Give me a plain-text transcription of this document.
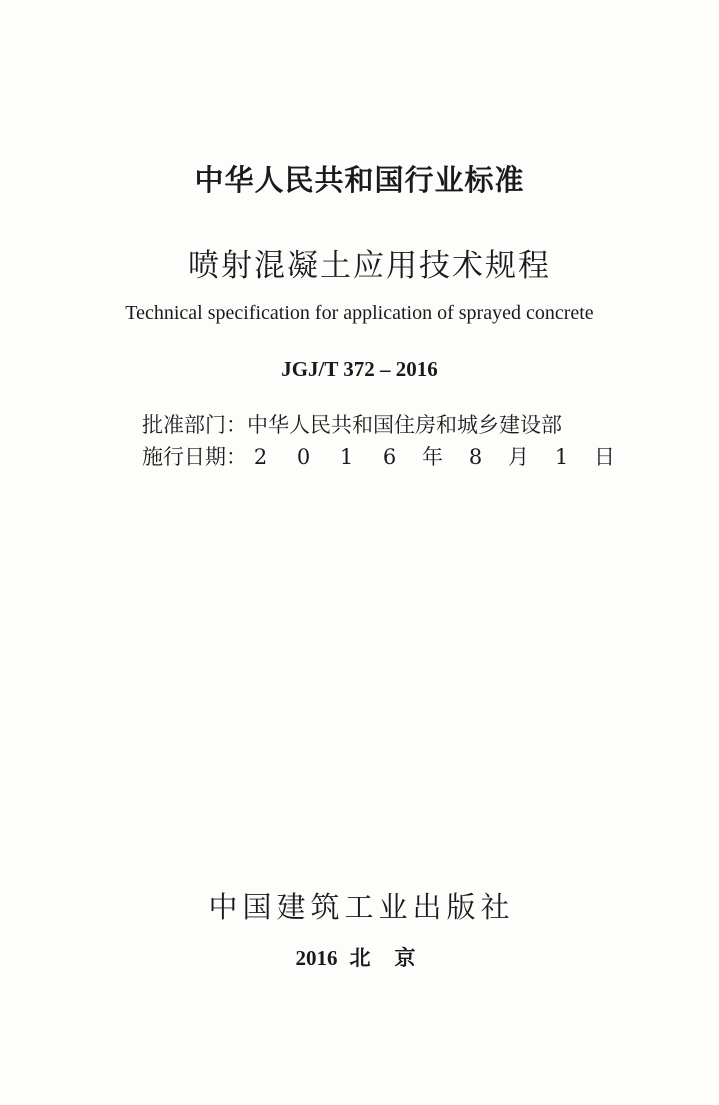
中华人民共和国行业标准
喷射混凝土应用技术规程
Technical specification for application of sprayed concrete
JGJ/T 372 – 2016
批准部门：中华人民共和国住房和城乡建设部
施行日期： 2 0 1 6 年 8 月 1 日
中国建筑工业出版社
2016 北 京
